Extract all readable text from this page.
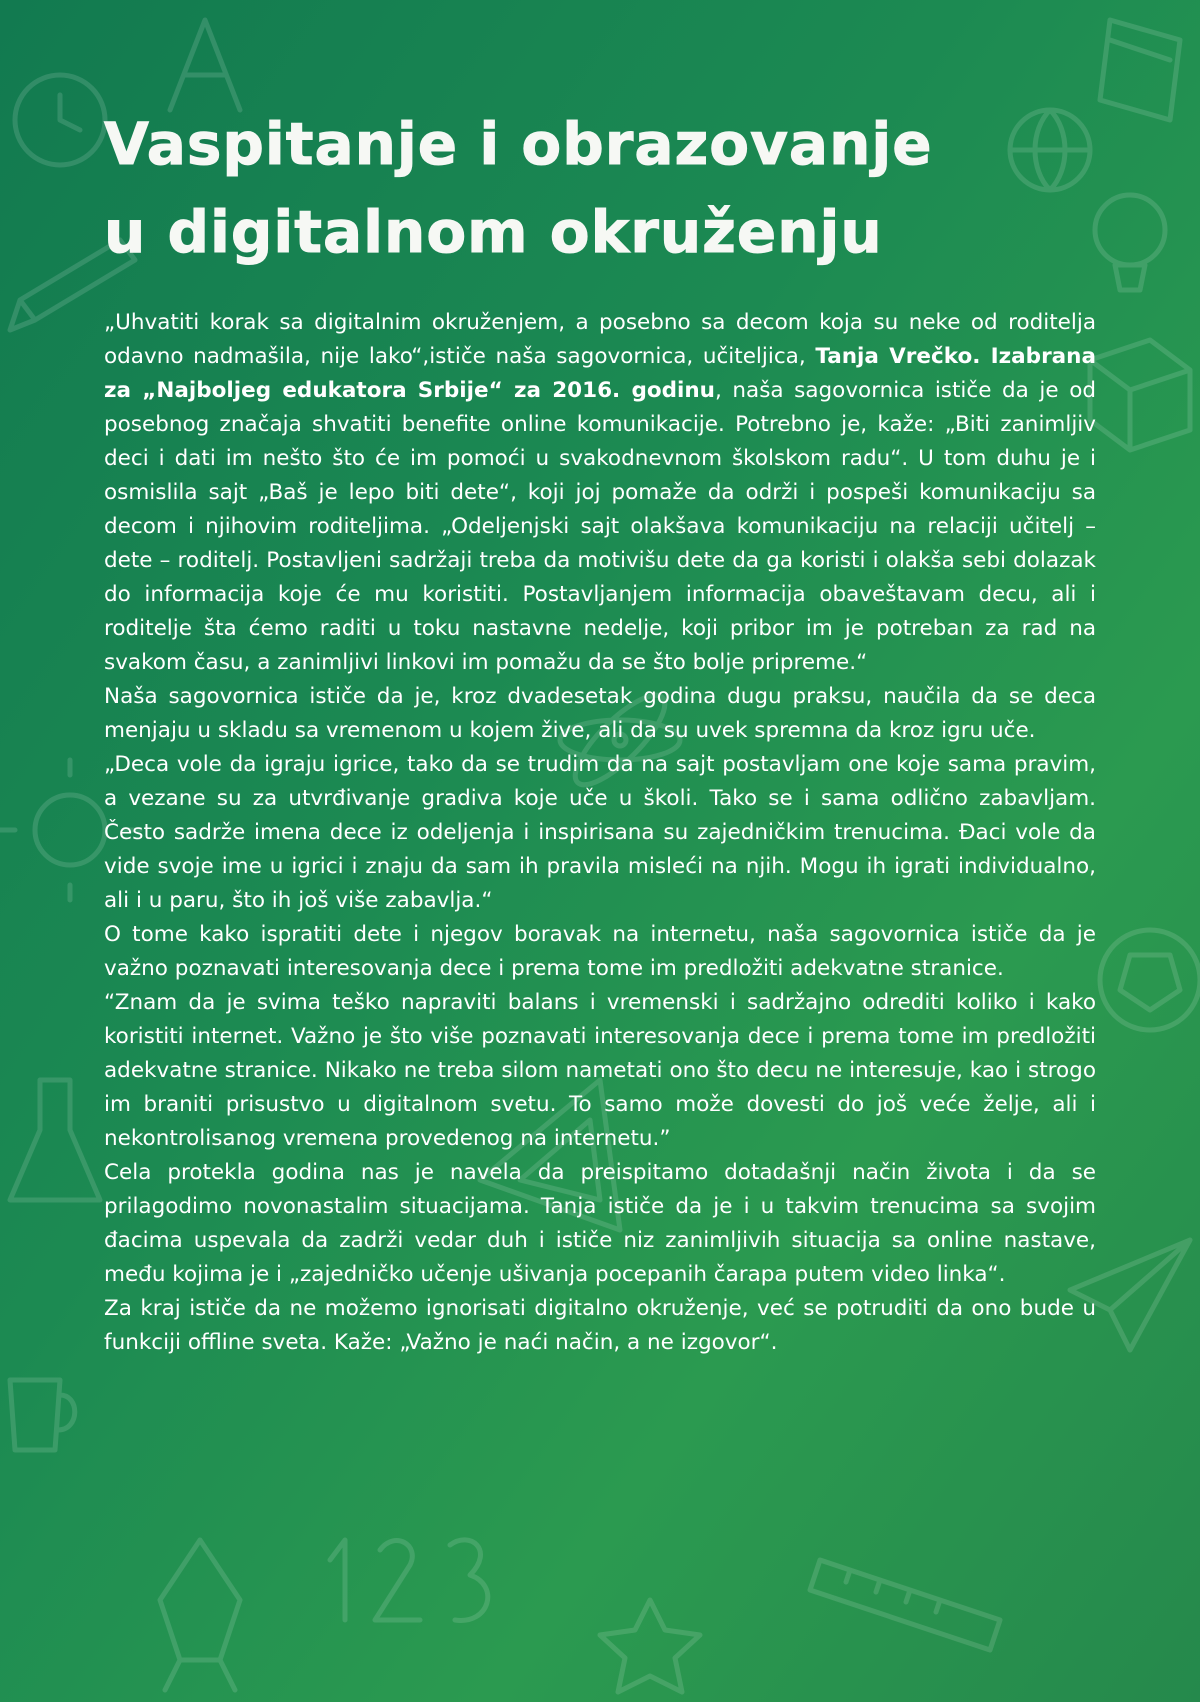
Vaspitanje i obrazovanje
u digitalnom okruženju

„Uhvatiti korak sa digitalnim okruženjem, a posebno sa decom koja su neke od roditelja odavno nadmašila, nije lako“,ističe naša sagovornica, učiteljica, Tanja Vrečko. Izabrana za „Najboljeg edukatora Srbije“ za 2016. godinu, naša sagovornica ističe da je od posebnog značaja shvatiti benefite online komunikacije. Potrebno je, kaže: „Biti zanimljiv deci i dati im nešto što će im pomoći u svakodnevnom školskom radu“. U tom duhu je i osmislila sajt „Baš je lepo biti dete“, koji joj pomaže da održi i pospeši komunikaciju sa decom i njihovim roditeljima. „Odeljenjski sajt olakšava komunikaciju na relaciji učitelj – dete – roditelj. Postavljeni sadržaji treba da motivišu dete da ga koristi i olakša sebi dolazak do informacija koje će mu koristiti. Postavljanjem informacija obaveštavam decu, ali i roditelje šta ćemo raditi u toku nastavne nedelje, koji pribor im je potreban za rad na svakom času, a zanimljivi linkovi im pomažu da se što bolje pripreme.“

Naša sagovornica ističe da je, kroz dvadesetak godina dugu praksu, naučila da se deca menjaju u skladu sa vremenom u kojem žive, ali da su uvek spremna da kroz igru uče.

„Deca vole da igraju igrice, tako da se trudim da na sajt postavljam one koje sama pravim, a vezane su za utvrđivanje gradiva koje uče u školi. Tako se i sama odlično zabavljam. Često sadrže imena dece iz odeljenja i inspirisana su zajedničkim trenucima. Đaci vole da vide svoje ime u igrici i znaju da sam ih pravila misleći na njih. Mogu ih igrati individualno, ali i u paru, što ih još više zabavlja.“

O tome kako ispratiti dete i njegov boravak na internetu, naša sagovornica ističe da je važno poznavati interesovanja dece i prema tome im predložiti adekvatne stranice.

“Znam da je svima teško napraviti balans i vremenski i sadržajno odrediti koliko i kako koristiti internet. Važno je što više poznavati interesovanja dece i prema tome im predložiti adekvatne stranice. Nikako ne treba silom nametati ono što decu ne interesuje, kao i strogo im braniti prisustvo u digitalnom svetu. To samo može dovesti do još veće želje, ali i nekontrolisanog vremena provedenog na internetu.”

Cela protekla godina nas je navela da preispitamo dotadašnji način života i da se prilagodimo novonastalim situacijama. Tanja ističe da je i u takvim trenucima sa svojim đacima uspevala da zadrži vedar duh i ističe niz zanimljivih situacija sa online nastave, među kojima je i „zajedničko učenje ušivanja pocepanih čarapa putem video linka“.

Za kraj ističe da ne možemo ignorisati digitalno okruženje, već se potruditi da ono bude u funkciji offline sveta. Kaže: „Važno je naći način, a ne izgovor“.
